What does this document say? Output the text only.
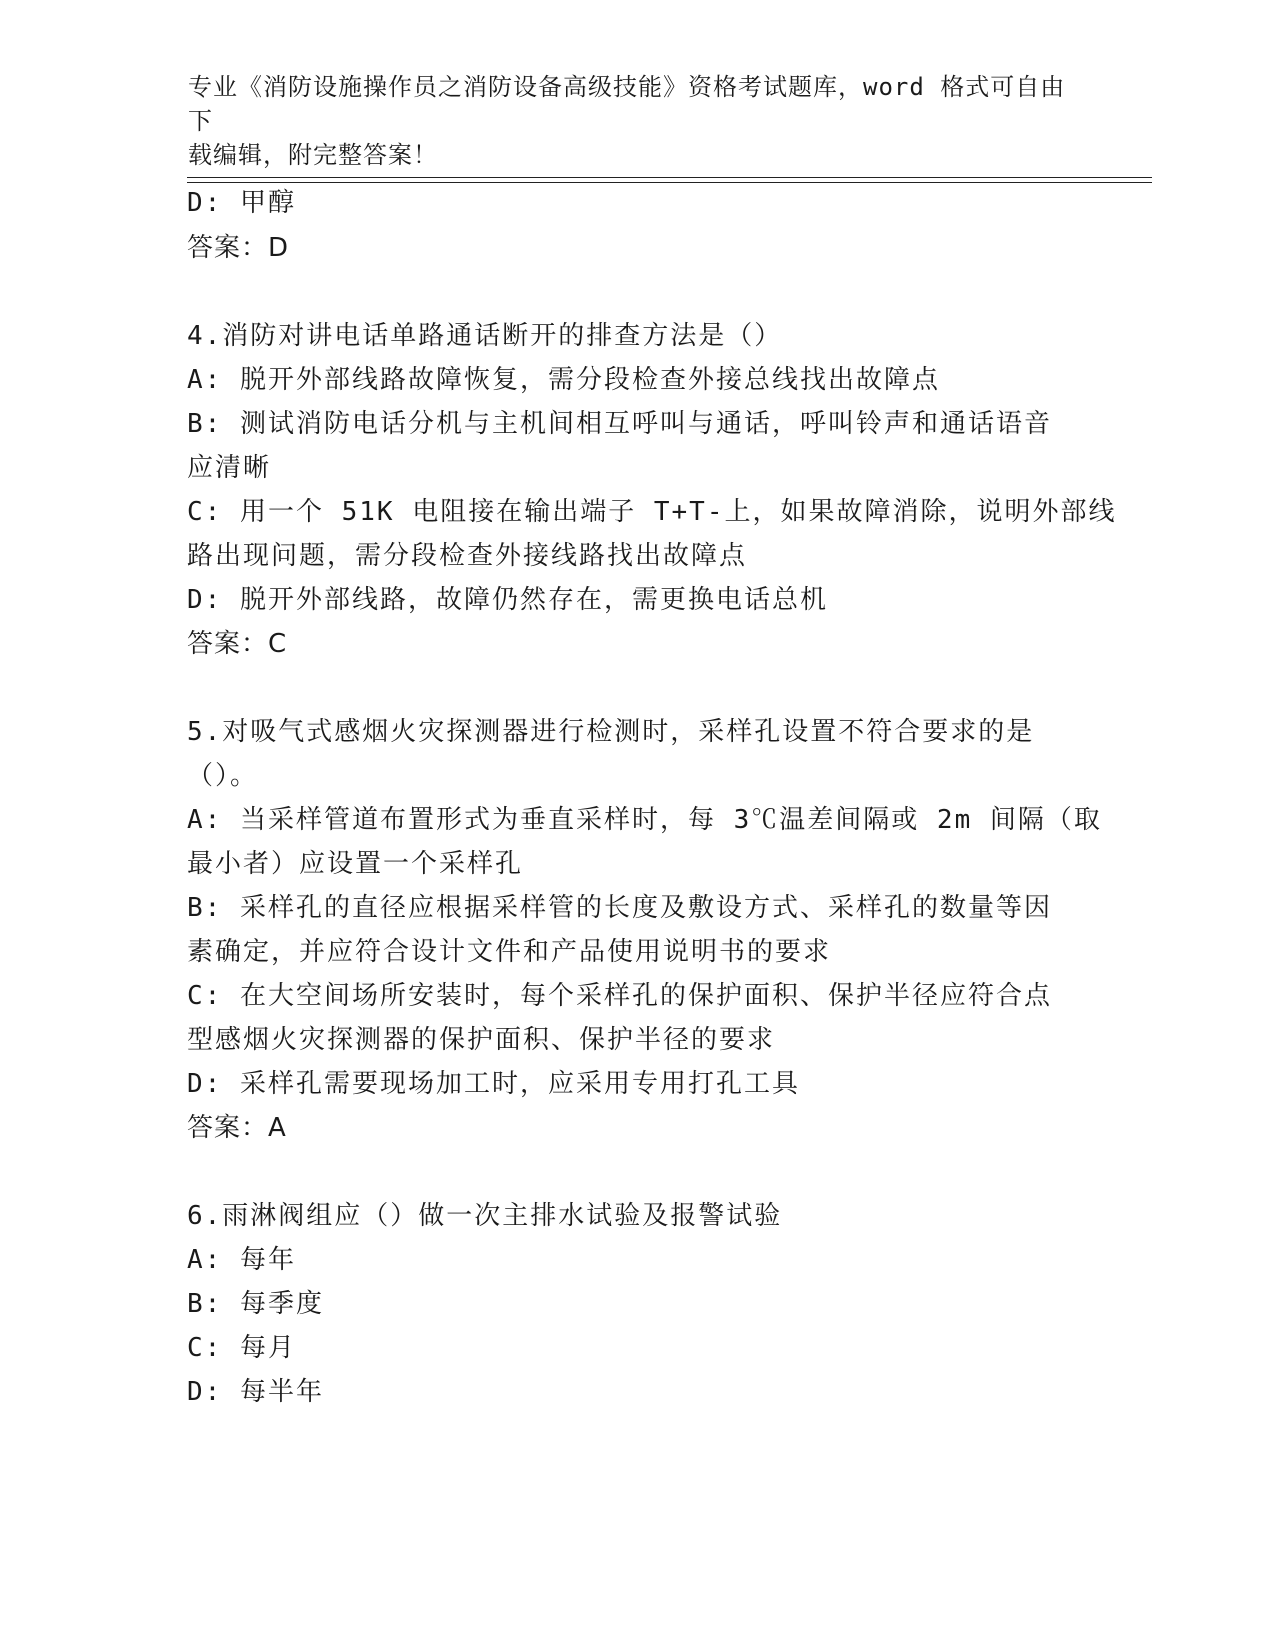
专业《消防设施操作员之消防设备高级技能》资格考试题库，word 格式可自由下
载编辑，附完整答案！
D: 甲醇
答案：D
4.消防对讲电话单路通话断开的排查方法是（）
A: 脱开外部线路故障恢复，需分段检查外接总线找出故障点
B: 测试消防电话分机与主机间相互呼叫与通话，呼叫铃声和通话语音
应清晰
C: 用一个 51K 电阻接在输出端子 T+T-上，如果故障消除，说明外部线
路出现问题，需分段检查外接线路找出故障点
D: 脱开外部线路，故障仍然存在，需更换电话总机
答案：C
5.对吸气式感烟火灾探测器进行检测时，采样孔设置不符合要求的是
（）。
A: 当采样管道布置形式为垂直采样时，每 3℃温差间隔或 2m 间隔（取
最小者）应设置一个采样孔
B: 采样孔的直径应根据采样管的长度及敷设方式、采样孔的数量等因
素确定，并应符合设计文件和产品使用说明书的要求
C: 在大空间场所安装时，每个采样孔的保护面积、保护半径应符合点
型感烟火灾探测器的保护面积、保护半径的要求
D: 采样孔需要现场加工时，应采用专用打孔工具
答案：A
6.雨淋阀组应（）做一次主排水试验及报警试验
A: 每年
B: 每季度
C: 每月
D: 每半年
